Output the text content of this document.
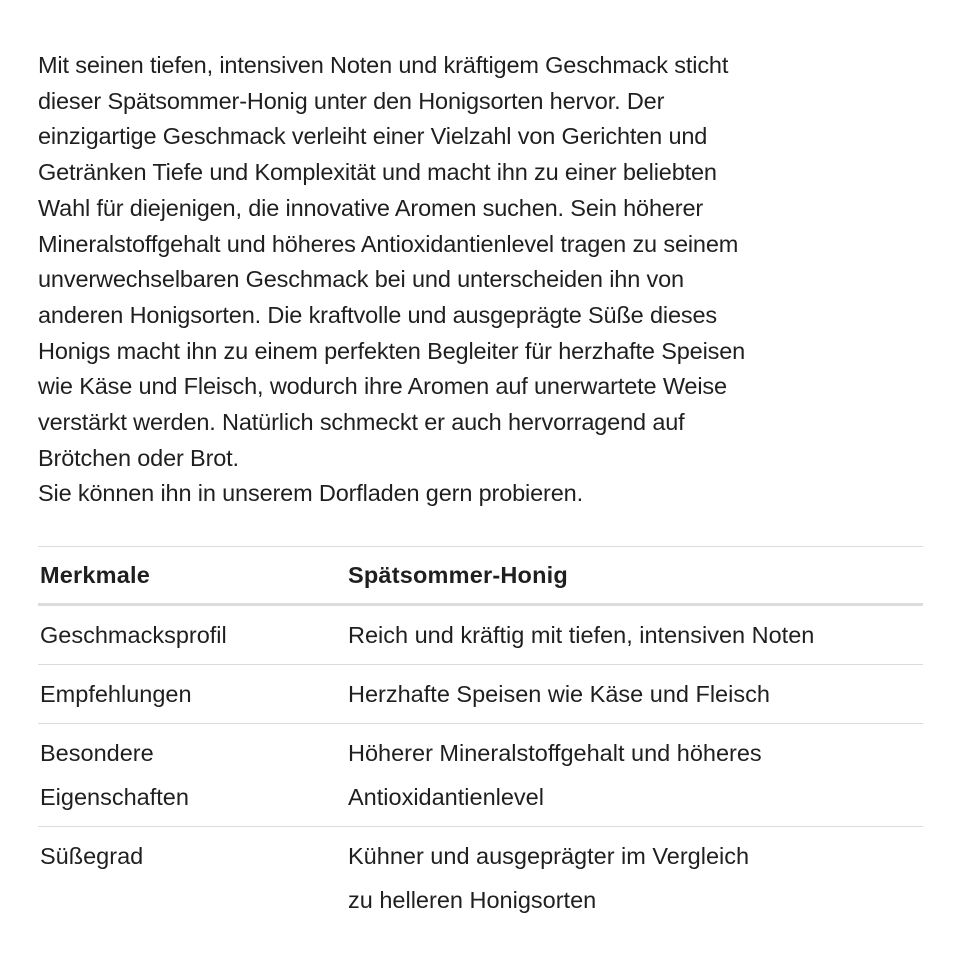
Mit seinen tiefen, intensiven Noten und kräftigem Geschmack sticht
dieser Spätsommer-Honig unter den Honigsorten hervor. Der
einzigartige Geschmack verleiht einer Vielzahl von Gerichten und
Getränken Tiefe und Komplexität und macht ihn zu einer beliebten
Wahl für diejenigen, die innovative Aromen suchen. Sein höherer
Mineralstoffgehalt und höheres Antioxidantienlevel tragen zu seinem
unverwechselbaren Geschmack bei und unterscheiden ihn von
anderen Honigsorten. Die kraftvolle und ausgeprägte Süße dieses
Honigs macht ihn zu einem perfekten Begleiter für herzhafte Speisen
wie Käse und Fleisch, wodurch ihre Aromen auf unerwartete Weise
verstärkt werden. Natürlich schmeckt er auch hervorragend auf
Brötchen oder Brot.
Sie können ihn in unserem Dorfladen gern probieren.

Merkmale	Spätsommer-Honig

Geschmacksprofil	Reich und kräftig mit tiefen, intensiven Noten

Empfehlungen	Herzhafte Speisen wie Käse und Fleisch

Besondere
Eigenschaften	Höherer Mineralstoffgehalt und höheres
Antioxidantienlevel

Süßegrad	Kühner und ausgeprägter im Vergleich
zu helleren Honigsorten
